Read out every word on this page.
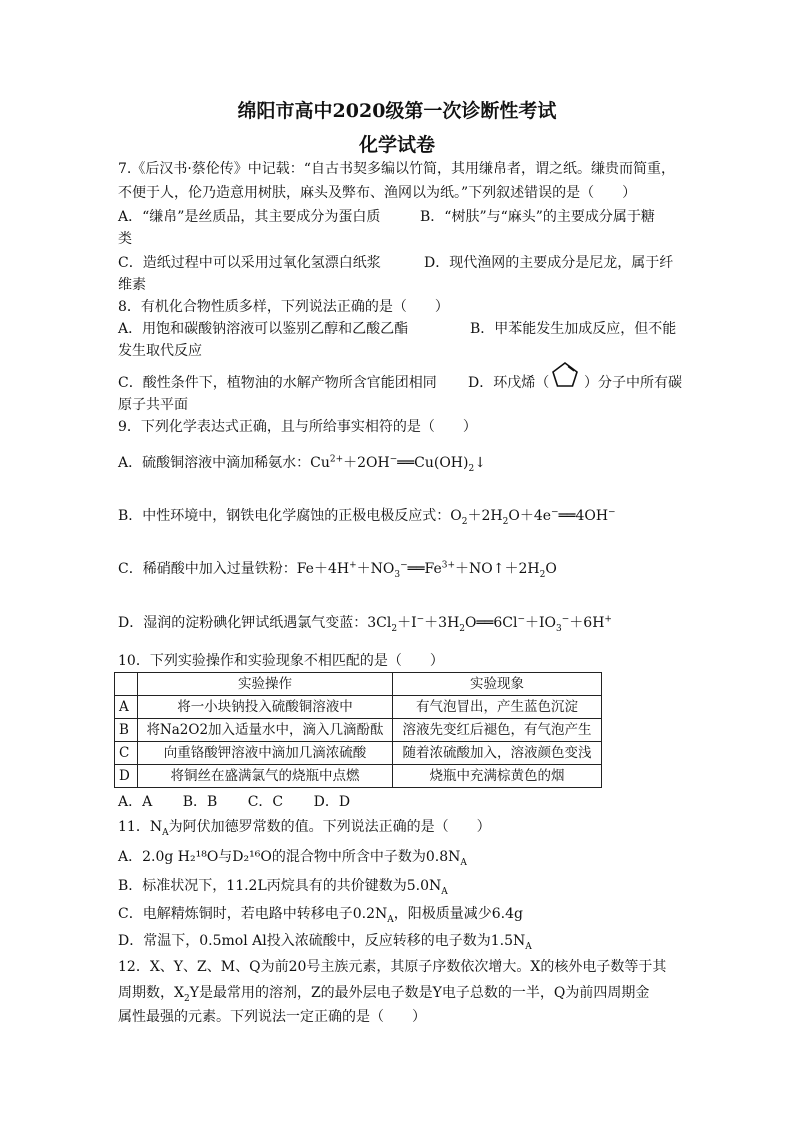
绵阳市高中2020级第一次诊断性考试
化学试卷
7.《后汉书·蔡伦传》中记载：“自古书契多编以竹简，其用缣帛者，谓之纸。缣贵而简重，
不便于人，伦乃造意用树肤，麻头及弊布、渔网以为纸。”下列叙述错误的是（　　）
A．“缣帛”是丝质品，其主要成分为蛋白质	B．“树肤”与“麻头”的主要成分属于糖
类
C．造纸过程中可以采用过氧化氢漂白纸浆	D．现代渔网的主要成分是尼龙，属于纤
维素
8．有机化合物性质多样，下列说法正确的是（　　）
A．用饱和碳酸钠溶液可以鉴别乙醇和乙酸乙酯	B．甲苯能发生加成反应，但不能
发生取代反应
C．酸性条件下，植物油的水解产物所含官能团相同 D．环戊烯（ ）分子中所有碳
原子共平面
9．下列化学表达式正确，且与所给事实相符的是（　　）
A．硫酸铜溶液中滴加稀氨水：$Cu^{2+}+2OH^-══Cu(OH)_2↓$
B．中性环境中，钢铁电化学腐蚀的正极电极反应式：$O_2+2H_2O+4e^-══4OH^-$
C．稀硝酸中加入过量铁粉：$Fe+4H^++NO_3^-══Fe^{3+}+NO↑+2H_2O$
D．湿润的淀粉碘化钾试纸遇氯气变蓝：$3Cl_2+I^-+3H_2O══6Cl^-+IO_3^-+6H^+$
10．下列实验操作和实验现象不相匹配的是（　　）
	实验操作	实验现象
A	将一小块钠投入硫酸铜溶液中	有气泡冒出，产生蓝色沉淀
B	将Na2O2加入适量水中，滴入几滴酚酞	溶液先变红后褪色，有气泡产生
C	向重铬酸钾溶液中滴加几滴浓硫酸	随着浓硫酸加入，溶液颜色变浅
D	将铜丝在盛满氯气的烧瓶中点燃	烧瓶中充满棕黄色的烟
A．A B．B C．C D．D
11．$N_A$为阿伏加德罗常数的值。下列说法正确的是（　　）
A．2.0g H₂¹⁸O与D₂¹⁶O的混合物中所含中子数为$0.8N_A$
B．标准状况下，11.2L丙烷具有的共价键数为$5.0N_A$
C．电解精炼铜时，若电路中转移电子$0.2N_A$，阳极质量减少6.4g
D．常温下，0.5mol Al投入浓硫酸中，反应转移的电子数为$1.5N_A$
12．X、Y、Z、M、Q为前20号主族元素，其原子序数依次增大。X的核外电子数等于其
周期数，$X_2Y$是最常用的溶剂，Z的最外层电子数是Y电子总数的一半，Q为前四周期金
属性最强的元素。下列说法一定正确的是（　　）
